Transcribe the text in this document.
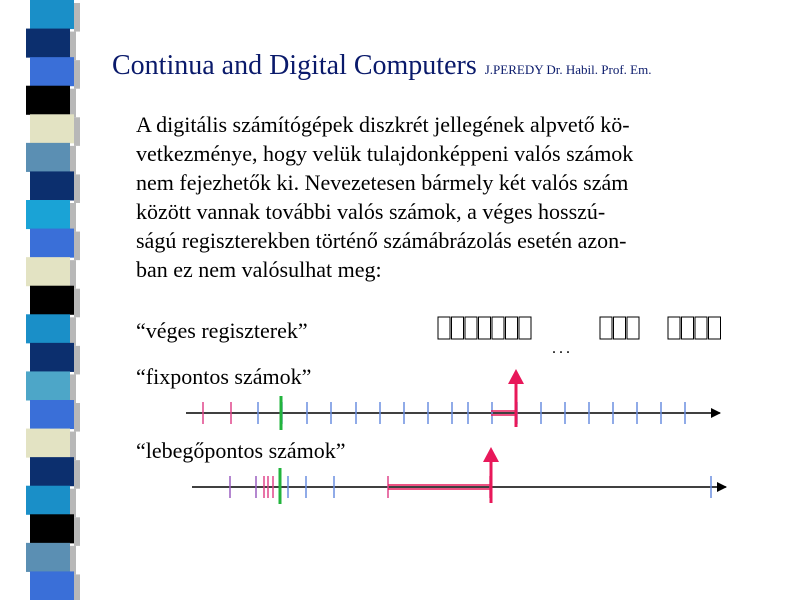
Continua and Digital Computers J.PEREDY Dr. Habil. Prof. Em.
A digitális számítógépek diszkrét jellegének alpvető kö-
vetkezménye, hogy velük tulajdonképpeni valós számok
nem fejezhetők ki. Nevezetesen bármely két valós szám
között vannak további valós számok, a véges hosszú-
ságú regiszterekben történő számábrázolás esetén azon-
ban ez nem valósulhat meg:
“véges regiszterek”
“fixpontos számok”
“lebegőpontos számok”
...
